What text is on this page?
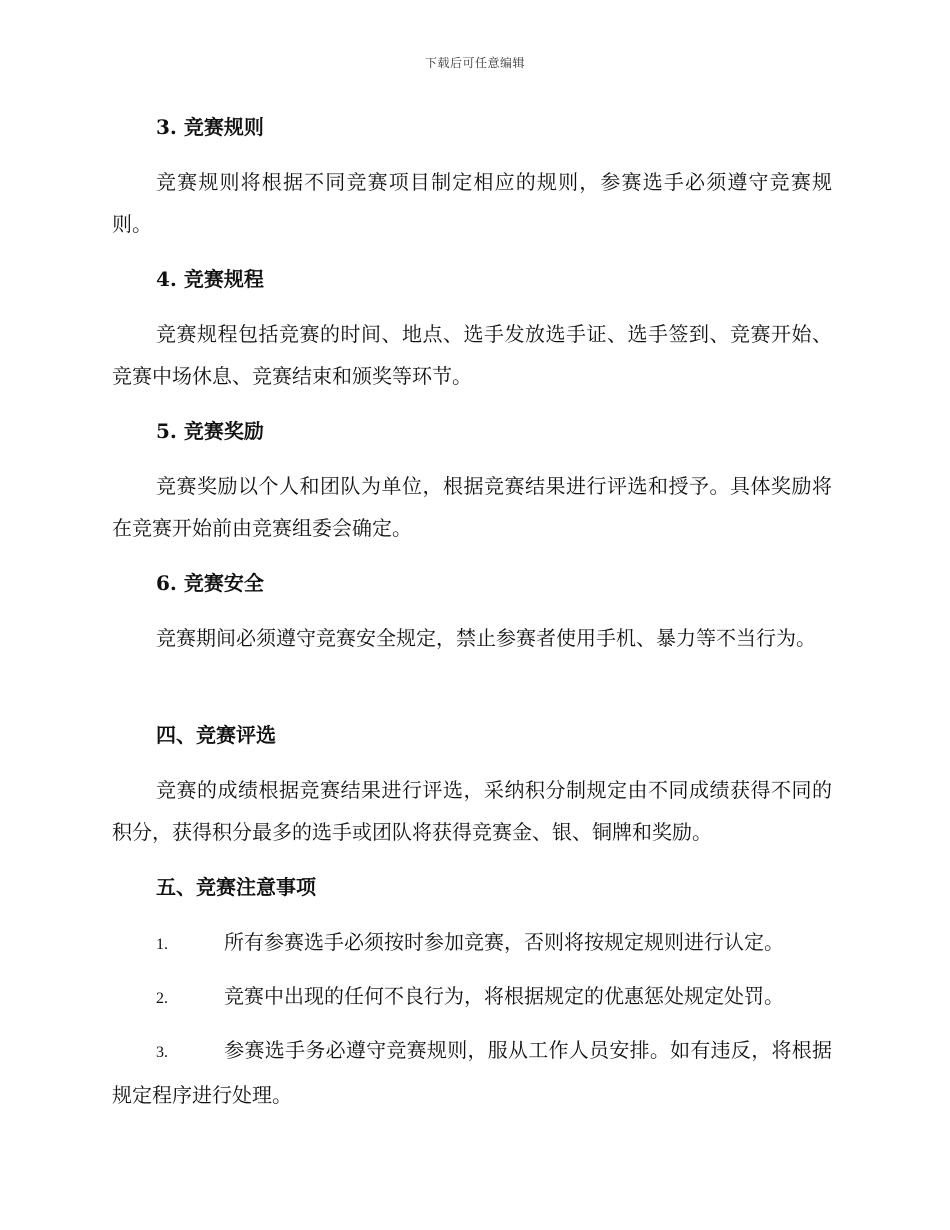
下载后可任意编辑
3. 竞赛规则
竞赛规则将根据不同竞赛项目制定相应的规则，参赛选手必须遵守竞赛规则。
4. 竞赛规程
竞赛规程包括竞赛的时间、地点、选手发放选手证、选手签到、竞赛开始、竞赛中场休息、竞赛结束和颁奖等环节。
5. 竞赛奖励
竞赛奖励以个人和团队为单位，根据竞赛结果进行评选和授予。具体奖励将在竞赛开始前由竞赛组委会确定。
6. 竞赛安全
竞赛期间必须遵守竞赛安全规定，禁止参赛者使用手机、暴力等不当行为。
四、竞赛评选
竞赛的成绩根据竞赛结果进行评选，采纳积分制规定由不同成绩获得不同的积分，获得积分最多的选手或团队将获得竞赛金、银、铜牌和奖励。
五、竞赛注意事项
1.	所有参赛选手必须按时参加竞赛，否则将按规定规则进行认定。
2.	竞赛中出现的任何不良行为，将根据规定的优惠惩处规定处罚。
3.	参赛选手务必遵守竞赛规则，服从工作人员安排。如有违反，将根据规定程序进行处理。
